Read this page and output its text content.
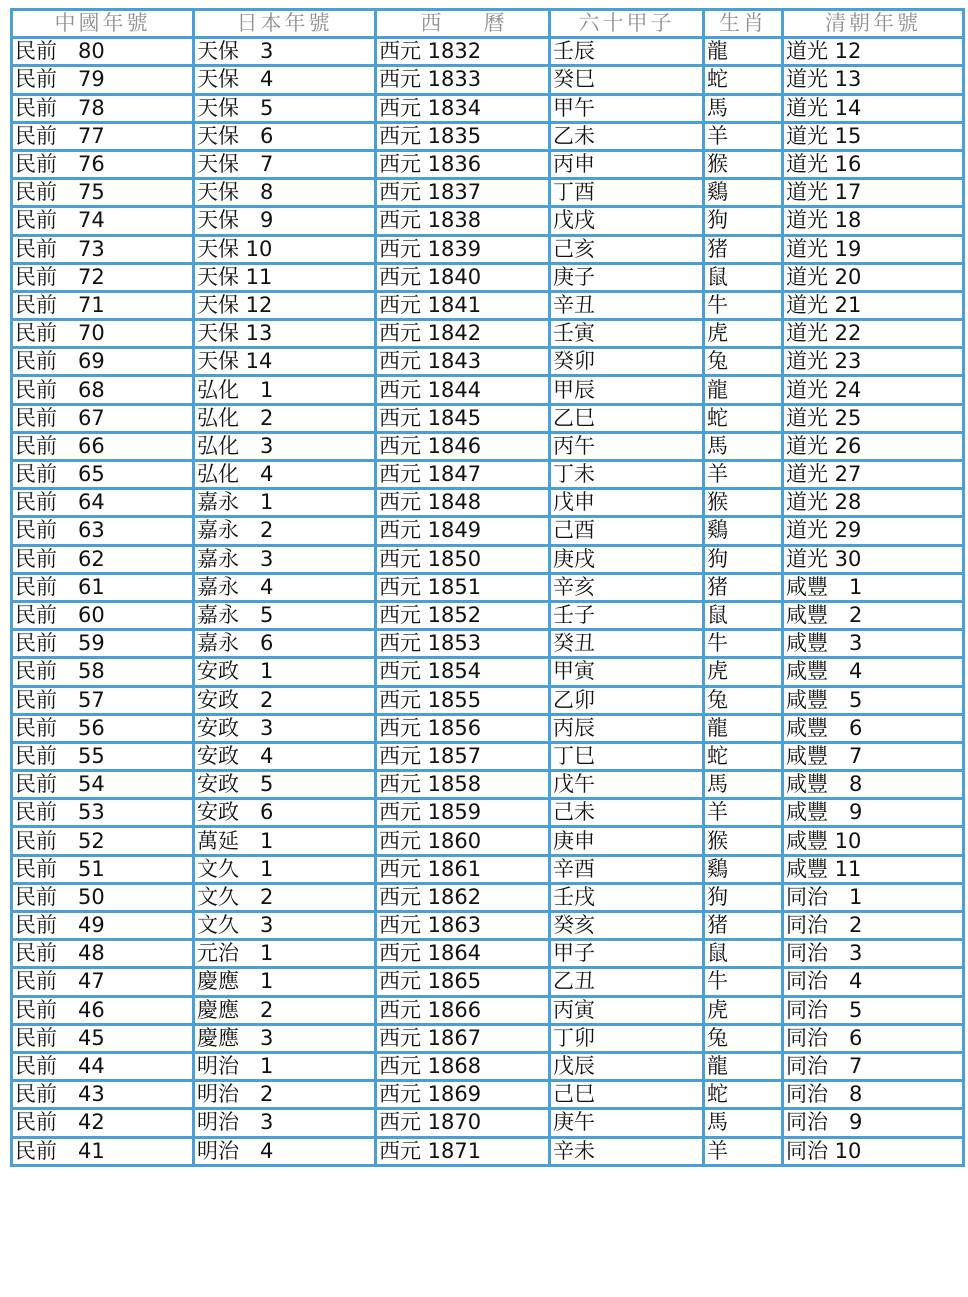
中國年號	日本年號	西　　曆	六十甲子	生肖	清朝年號
民前　80	天保　3	西元 1832	壬辰	龍	道光 12
民前　79	天保　4	西元 1833	癸巳	蛇	道光 13
民前　78	天保　5	西元 1834	甲午	馬	道光 14
民前　77	天保　6	西元 1835	乙未	羊	道光 15
民前　76	天保　7	西元 1836	丙申	猴	道光 16
民前　75	天保　8	西元 1837	丁酉	鷄	道光 17
民前　74	天保　9	西元 1838	戊戌	狗	道光 18
民前　73	天保 10	西元 1839	己亥	猪	道光 19
民前　72	天保 11	西元 1840	庚子	鼠	道光 20
民前　71	天保 12	西元 1841	辛丑	牛	道光 21
民前　70	天保 13	西元 1842	壬寅	虎	道光 22
民前　69	天保 14	西元 1843	癸卯	兔	道光 23
民前　68	弘化　1	西元 1844	甲辰	龍	道光 24
民前　67	弘化　2	西元 1845	乙巳	蛇	道光 25
民前　66	弘化　3	西元 1846	丙午	馬	道光 26
民前　65	弘化　4	西元 1847	丁未	羊	道光 27
民前　64	嘉永　1	西元 1848	戊申	猴	道光 28
民前　63	嘉永　2	西元 1849	己酉	鷄	道光 29
民前　62	嘉永　3	西元 1850	庚戌	狗	道光 30
民前　61	嘉永　4	西元 1851	辛亥	猪	咸豐　1
民前　60	嘉永　5	西元 1852	壬子	鼠	咸豐　2
民前　59	嘉永　6	西元 1853	癸丑	牛	咸豐　3
民前　58	安政　1	西元 1854	甲寅	虎	咸豐　4
民前　57	安政　2	西元 1855	乙卯	兔	咸豐　5
民前　56	安政　3	西元 1856	丙辰	龍	咸豐　6
民前　55	安政　4	西元 1857	丁巳	蛇	咸豐　7
民前　54	安政　5	西元 1858	戊午	馬	咸豐　8
民前　53	安政　6	西元 1859	己未	羊	咸豐　9
民前　52	萬延　1	西元 1860	庚申	猴	咸豐 10
民前　51	文久　1	西元 1861	辛酉	鷄	咸豐 11
民前　50	文久　2	西元 1862	壬戌	狗	同治　1
民前　49	文久　3	西元 1863	癸亥	猪	同治　2
民前　48	元治　1	西元 1864	甲子	鼠	同治　3
民前　47	慶應　1	西元 1865	乙丑	牛	同治　4
民前　46	慶應　2	西元 1866	丙寅	虎	同治　5
民前　45	慶應　3	西元 1867	丁卯	兔	同治　6
民前　44	明治　1	西元 1868	戊辰	龍	同治　7
民前　43	明治　2	西元 1869	己巳	蛇	同治　8
民前　42	明治　3	西元 1870	庚午	馬	同治　9
民前　41	明治　4	西元 1871	辛未	羊	同治 10
